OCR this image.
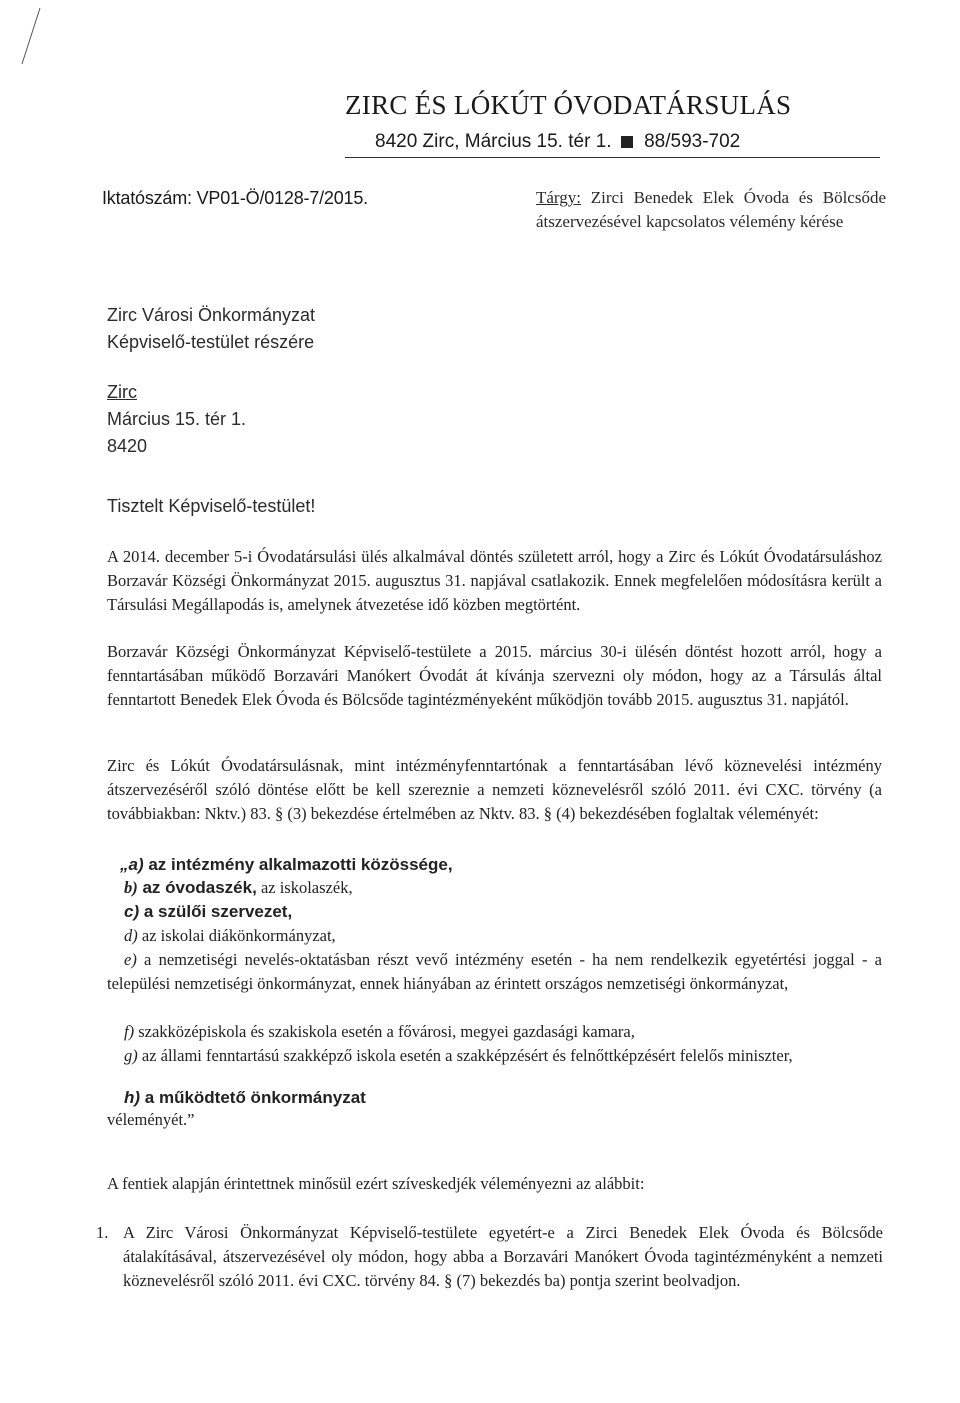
ZIRC ÉS LÓKÚT ÓVODATÁRSULÁS
8420 Zirc, Március 15. tér 1. 88/593-702
Iktatószám: VP01-Ö/0128-7/2015.	Tárgy: Zirci Benedek Elek Óvoda és Bölcsőde átszervezésével kapcsolatos vélemény kérése
Zirc Városi Önkormányzat
Képviselő-testület részére
Zirc
Március 15. tér 1.
8420
Tisztelt Képviselő-testület!

A 2014. december 5-i Óvodatársulási ülés alkalmával döntés született arról, hogy a Zirc és Lókút Óvodatársuláshoz Borzavár Községi Önkormányzat 2015. augusztus 31. napjával csatlakozik. Ennek megfelelően módosításra került a Társulási Megállapodás is, amelynek átvezetése idő közben megtörtént.

Borzavár Községi Önkormányzat Képviselő-testülete a 2015. március 30-i ülésén döntést hozott arról, hogy a fenntartásában működő Borzavári Manókert Óvodát át kívánja szervezni oly módon, hogy az a Társulás által fenntartott Benedek Elek Óvoda és Bölcsőde tagintézményeként működjön tovább 2015. augusztus 31. napjától.

Zirc és Lókút Óvodatársulásnak, mint intézményfenntartónak a fenntartásában lévő köznevelési intézmény átszervezéséről szóló döntése előtt be kell szereznie a nemzeti köznevelésről szóló 2011. évi CXC. törvény (a továbbiakban: Nktv.) 83. § (3) bekezdése értelmében az Nktv. 83. § (4) bekezdésében foglaltak véleményét:

„a) az intézmény alkalmazotti közössége,
b) az óvodaszék, az iskolaszék,
c) a szülői szervezet,
d) az iskolai diákönkormányzat,
e) a nemzetiségi nevelés-oktatásban részt vevő intézmény esetén - ha nem rendelkezik egyetértési joggal - a települési nemzetiségi önkormányzat, ennek hiányában az érintett országos nemzetiségi önkormányzat,
f) szakközépiskola és szakiskola esetén a fővárosi, megyei gazdasági kamara,
g) az állami fenntartású szakképző iskola esetén a szakképzésért és felnőttképzésért felelős miniszter,
h) a működtető önkormányzat
véleményét.”
A fentiek alapján érintettnek minősül ezért szíveskedjék véleményezni az alábbit:
1. A Zirc Városi Önkormányzat Képviselő-testülete egyetért-e a Zirci Benedek Elek Óvoda és Bölcsőde átalakításával, átszervezésével oly módon, hogy abba a Borzavári Manókert Óvoda tagintézményként a nemzeti köznevelésről szóló 2011. évi CXC. törvény 84. § (7) bekezdés ba) pontja szerint beolvadjon.
